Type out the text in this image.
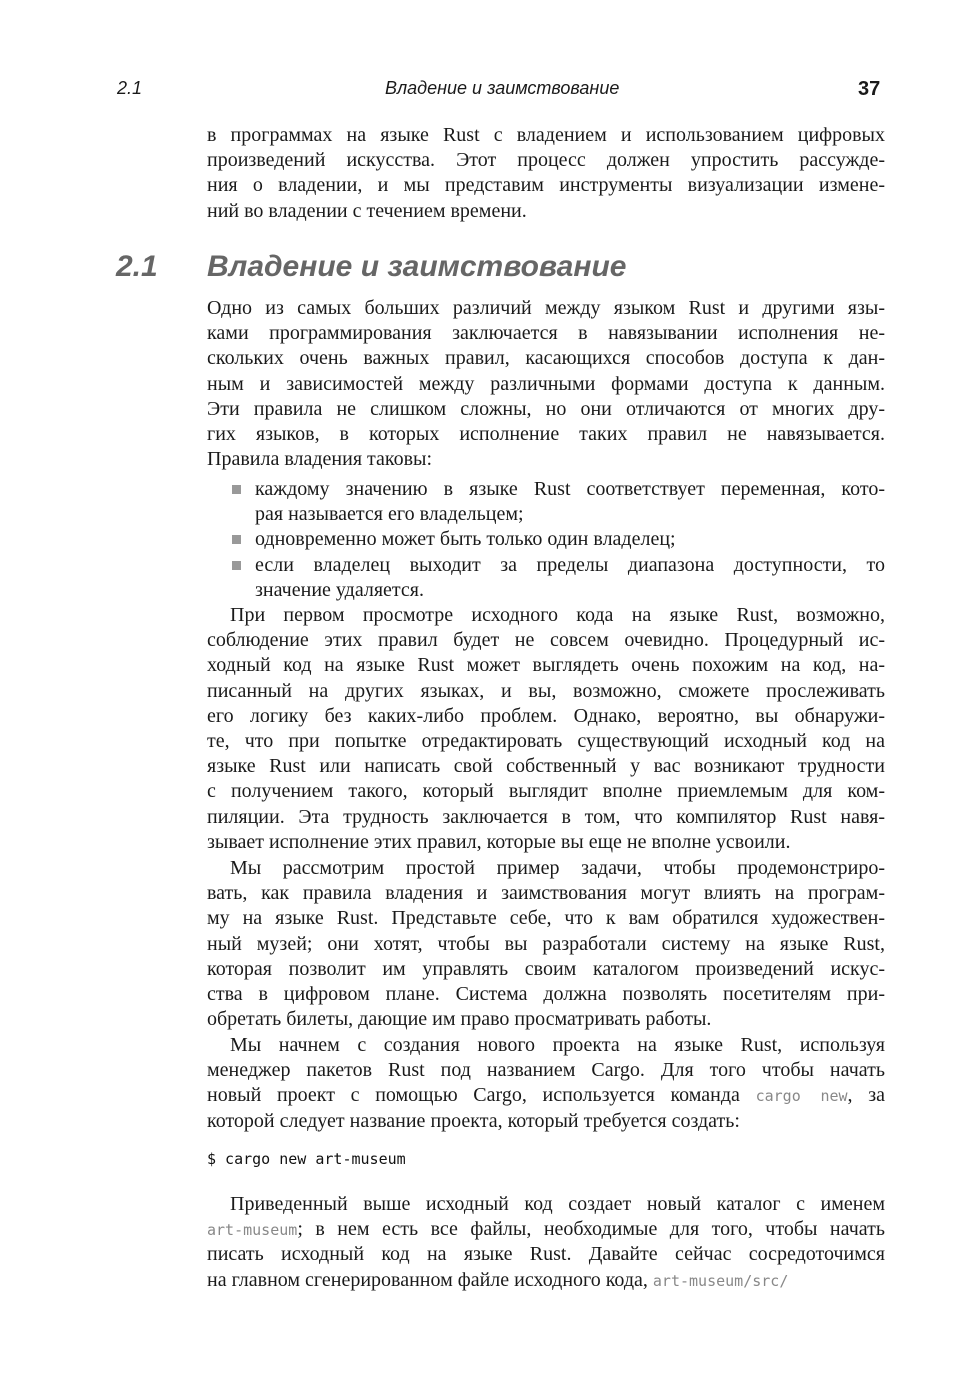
2.1	Владение и заимствование	37
2.1 Владение и заимствование
в программах на языке Rust с владением и использованием цифровых
произведений искусства. Этот процесс должен упростить рассужде-
ния о владении, и мы представим инструменты визуализации измене-
ний во владении с течением времени.
Одно из самых больших различий между языком Rust и другими язы-
ками программирования заключается в навязывании исполнения не-
скольких очень важных правил, касающихся способов доступа к дан-
ным и зависимостей между различными формами доступа к данным.
Эти правила не слишком сложны, но они отличаются от многих дру-
гих языков, в которых исполнение таких правил не навязывается.
Правила владения таковы:
каждому значению в языке Rust соответствует переменная, кото-
рая называется его владельцем;
одновременно может быть только один владелец;
если владелец выходит за пределы диапазона доступности, то
значение удаляется.
При первом просмотре исходного кода на языке Rust, возможно,
соблюдение этих правил будет не совсем очевидно. Процедурный ис-
ходный код на языке Rust может выглядеть очень похожим на код, на-
писанный на других языках, и вы, возможно, сможете прослеживать
его логику без каких-либо проблем. Однако, вероятно, вы обнаружи-
те, что при попытке отредактировать существующий исходный код на
языке Rust или написать свой собственный у вас возникают трудности
с получением такого, который выглядит вполне приемлемым для ком-
пиляции. Эта трудность заключается в том, что компилятор Rust навя-
зывает исполнение этих правил, которые вы еще не вполне усвоили.
Мы рассмотрим простой пример задачи, чтобы продемонстриро-
вать, как правила владения и заимствования могут влиять на програм-
му на языке Rust. Представьте себе, что к вам обратился художествен-
ный музей; они хотят, чтобы вы разработали систему на языке Rust,
которая позволит им управлять своим каталогом произведений искус-
ства в цифровом плане. Система должна позволять посетителям при-
обретать билеты, дающие им право просматривать работы.
Мы начнем с создания нового проекта на языке Rust, используя
менеджер пакетов Rust под названием Cargo. Для того чтобы начать
новый проект с помощью Cargo, используется команда cargo new, за
которой следует название проекта, который требуется создать:
$ cargo new art-museum
Приведенный выше исходный код создает новый каталог с именем
art-museum; в нем есть все файлы, необходимые для того, чтобы начать
писать исходный код на языке Rust. Давайте сейчас сосредоточимся
на главном сгенерированном файле исходного кода, art-museum/src/
